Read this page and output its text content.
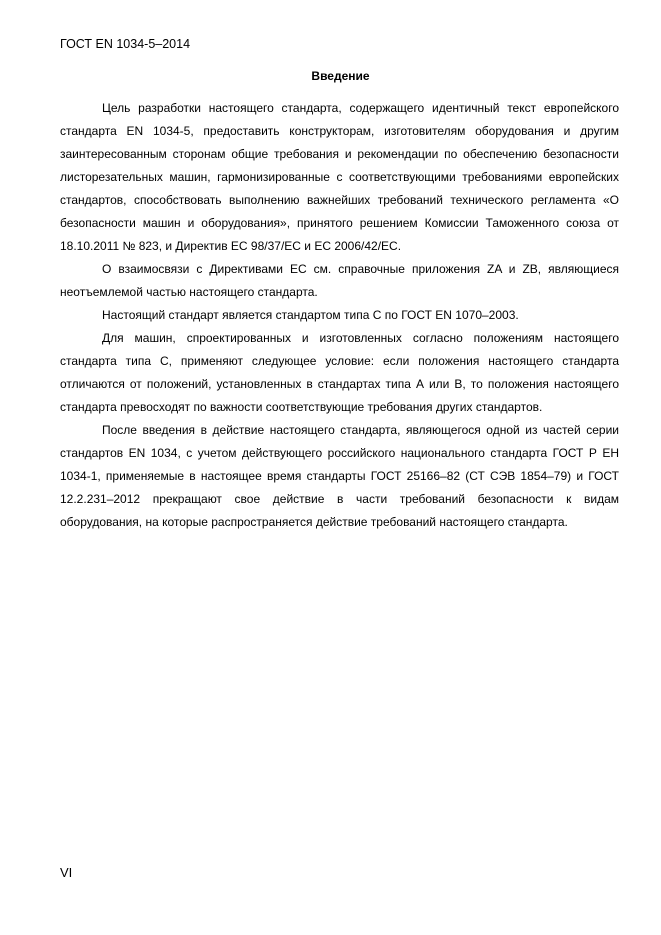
ГОСТ EN 1034-5–2014
Введение

Цель разработки настоящего стандарта, содержащего идентичный текст европейского стандарта EN 1034-5, предоставить конструкторам, изготовителям оборудования и другим заинтересованным сторонам общие требования и рекомендации по обеспечению безопасности листорезательных машин, гармонизированные с соответствующими требованиями европейских стандартов, способствовать выполнению важнейших требований технического регламента «О безопасности машин и оборудования», принятого решением Комиссии Таможенного союза от 18.10.2011 № 823, и Директив ЕС 98/37/ЕС и ЕС 2006/42/ЕС.

О взаимосвязи с Директивами ЕС см. справочные приложения ZA и ZB, являющиеся неотъемлемой частью настоящего стандарта.

Настоящий стандарт является стандартом типа С по ГОСТ EN 1070–2003.

Для машин, спроектированных и изготовленных согласно положениям настоящего стандарта типа С, применяют следующее условие: если положения настоящего стандарта отличаются от положений, установленных в стандартах типа А или В, то положения настоящего стандарта превосходят по важности соответствующие требования других стандартов.

После введения в действие настоящего стандарта, являющегося одной из частей серии стандартов EN 1034, с учетом действующего российского национального стандарта ГОСТ Р ЕН 1034-1, применяемые в настоящее время стандарты ГОСТ 25166–82 (СТ СЭВ 1854–79) и ГОСТ 12.2.231–2012 прекращают свое действие в части требований безопасности к видам оборудования, на которые распространяется действие требований настоящего стандарта.

VI
